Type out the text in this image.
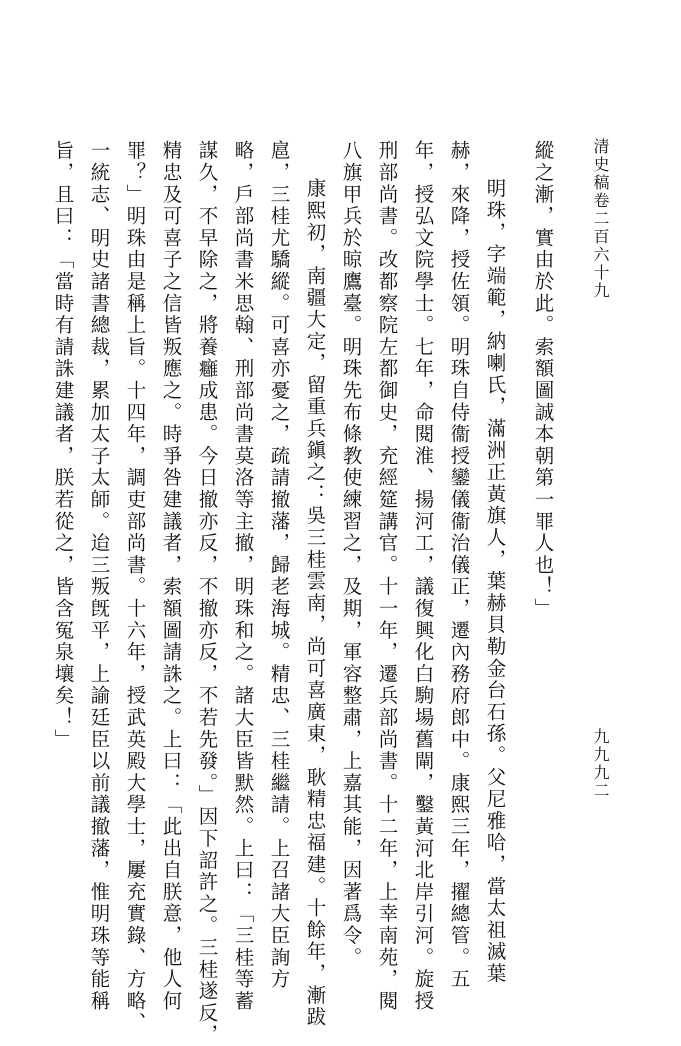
清史稿卷二百六十九
九九九二
縱之漸，實由於此。索額圖誠本朝第一罪人也！」
明珠，字端範，納喇氏，滿洲正黃旗人，葉赫貝勒金台石孫。父尼雅哈，當太祖滅葉
赫，來降，授佐領。明珠自侍衞授鑾儀衞治儀正，遷內務府郎中。康熙三年，擢總管。五
年，授弘文院學士。七年，命閱淮、揚河工，議復興化白駒場舊閘，鑿黃河北岸引河。旋授
刑部尚書。改都察院左都御史，充經筵講官。十一年，遷兵部尚書。十二年，上幸南苑，閱
八旗甲兵於晾鷹臺。明珠先布條教使練習之，及期，軍容整肅，上嘉其能，因著爲令。
康熙初，南疆大定，留重兵鎭之：吳三桂雲南，尚可喜廣東，耿精忠福建。十餘年，漸跋
扈，三桂尤驕縱。可喜亦憂之，疏請撤藩，歸老海城。精忠、三桂繼請。上召諸大臣詢方
略，戶部尚書米思翰、刑部尚書莫洛等主撤，明珠和之。諸大臣皆默然。上曰：「三桂等蓄
謀久，不早除之，將養癰成患。今日撤亦反，不撤亦反，不若先發。」因下詔許之。三桂遂反，
精忠及可喜子之信皆叛應之。時爭咎建議者，索額圖請誅之。上曰：「此出自朕意，他人何
罪？」明珠由是稱上旨。十四年，調吏部尚書。十六年，授武英殿大學士，屢充實錄、方略、
一統志、明史諸書總裁，累加太子太師。迨三叛旣平，上諭廷臣以前議撤藩，惟明珠等能稱
旨，且曰：「當時有請誅建議者，朕若從之，皆含冤泉壤矣！」
